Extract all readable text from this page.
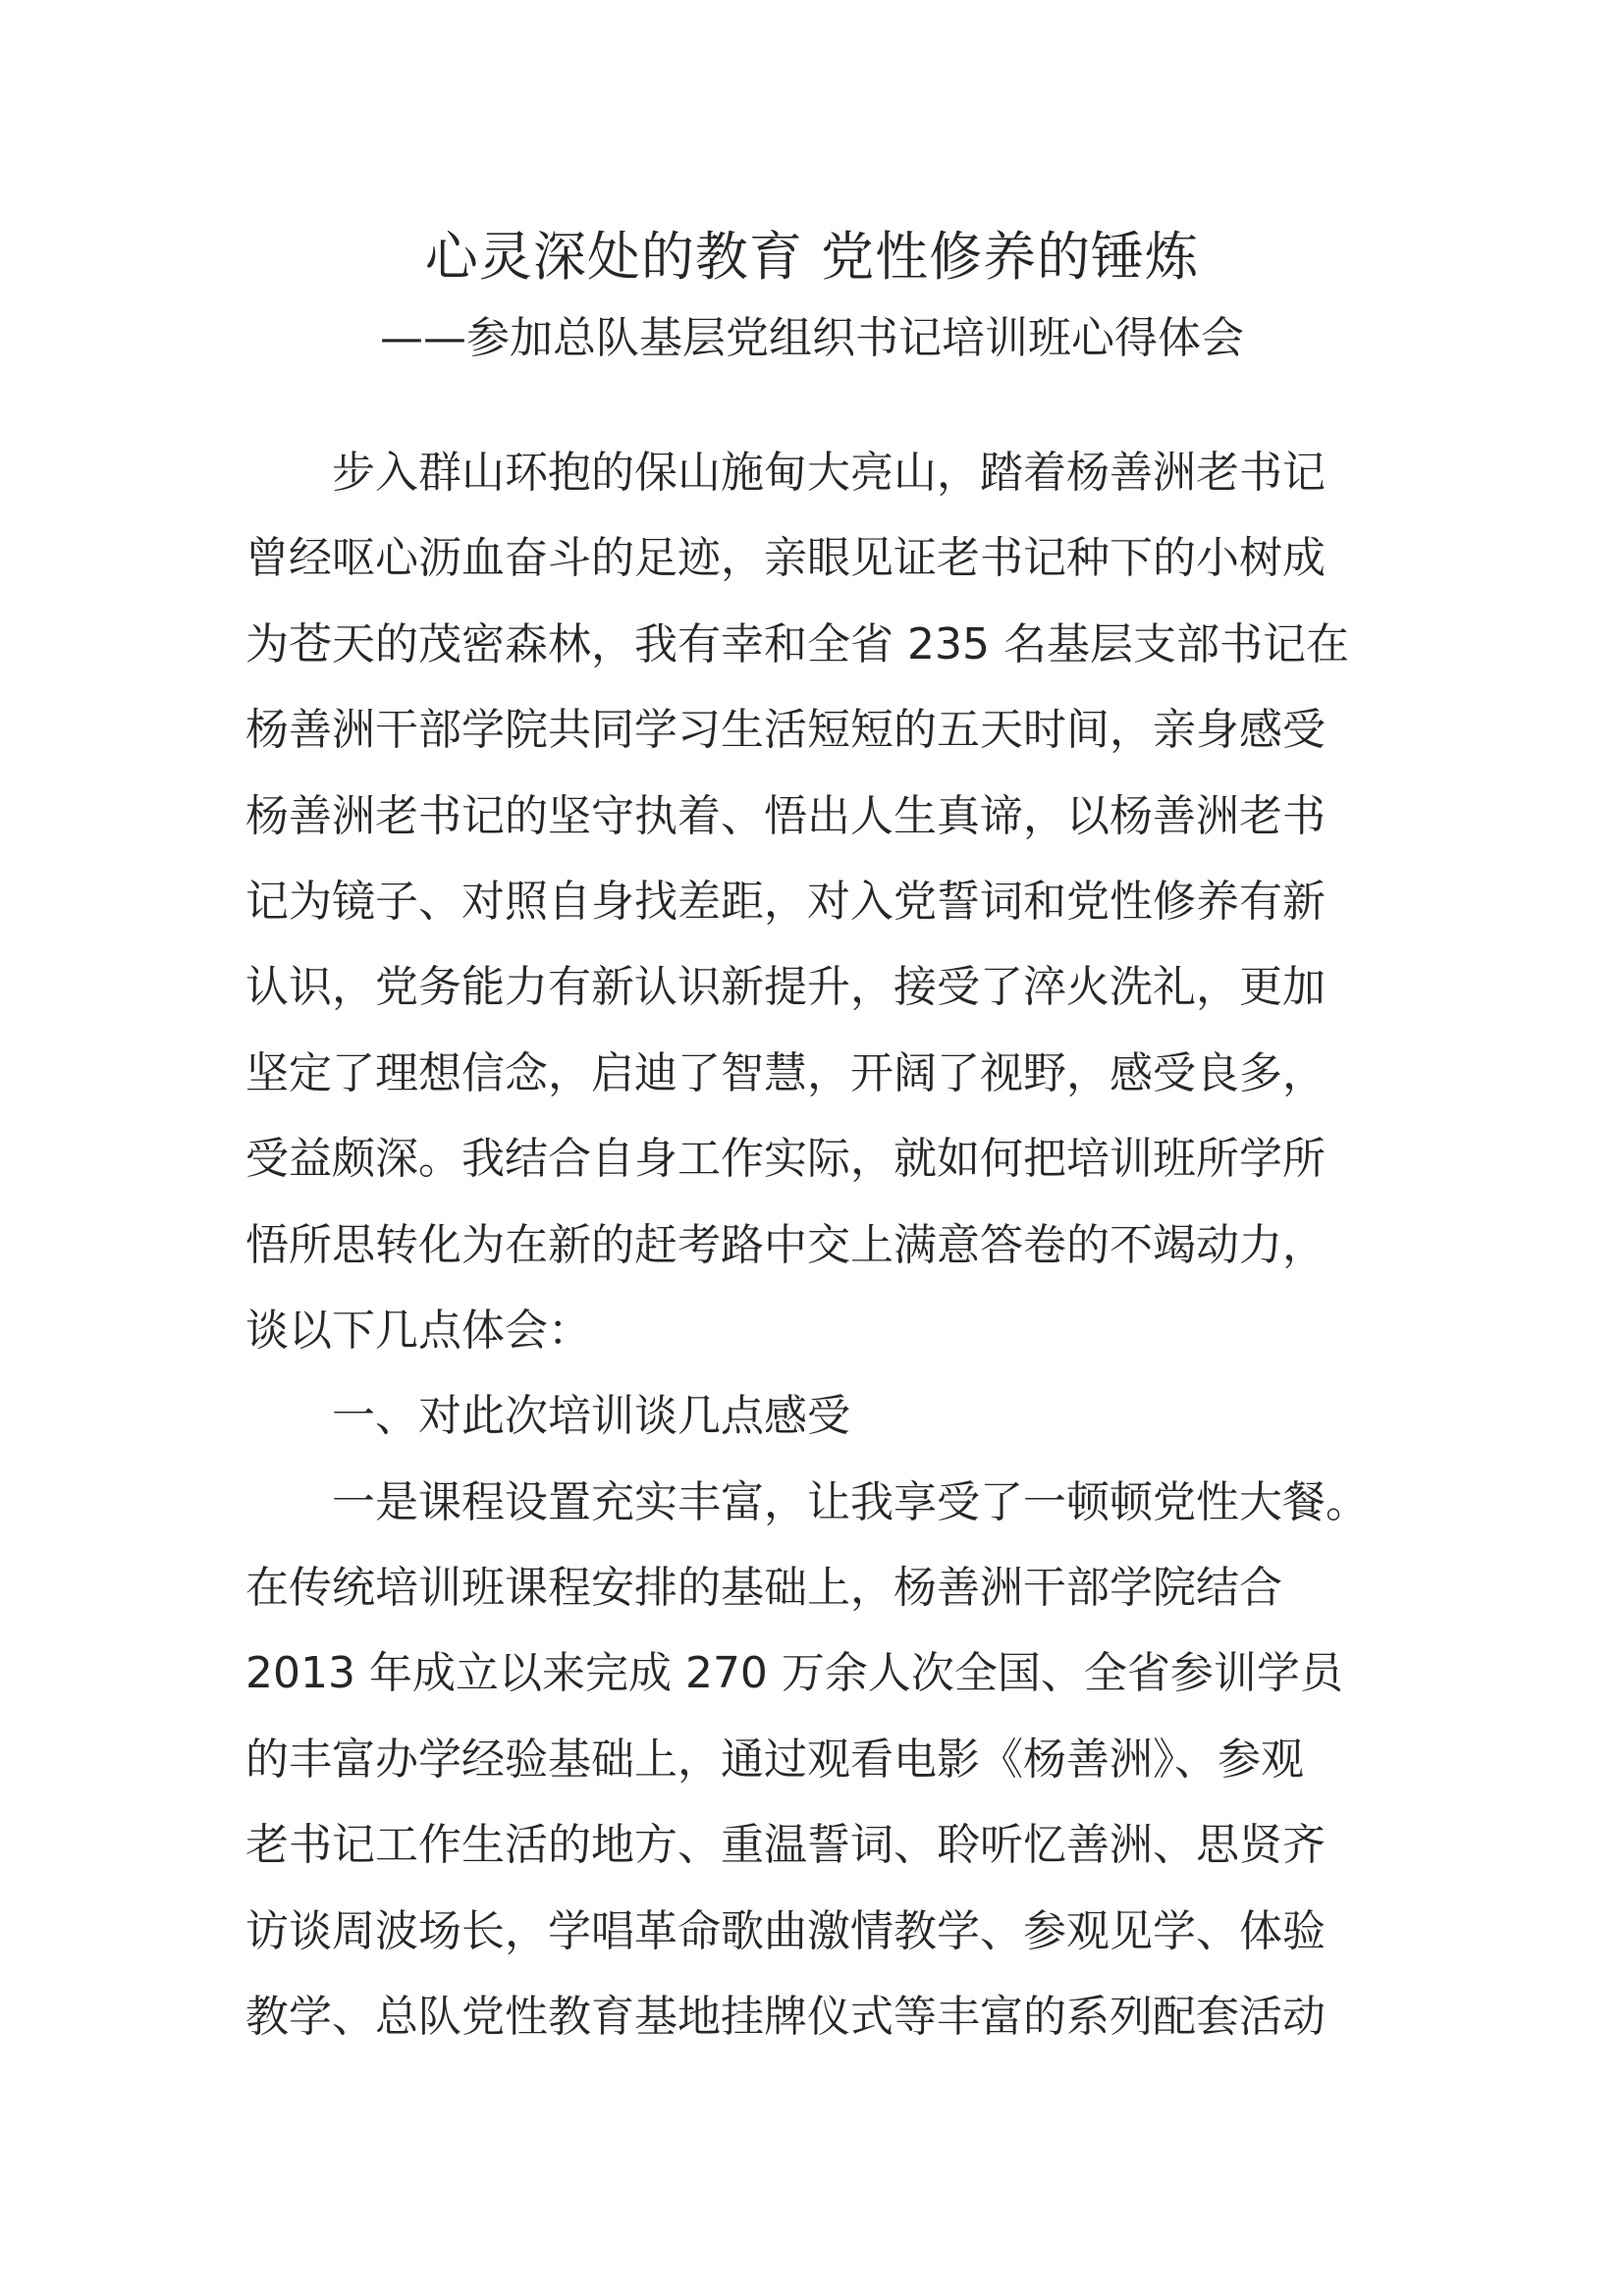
心灵深处的教育 党性修养的锤炼
——参加总队基层党组织书记培训班心得体会
步入群山环抱的保山施甸大亮山，踏着杨善洲老书记
曾经呕心沥血奋斗的足迹，亲眼见证老书记种下的小树成
为苍天的茂密森林，我有幸和全省 235 名基层支部书记在
杨善洲干部学院共同学习生活短短的五天时间，亲身感受
杨善洲老书记的坚守执着、悟出人生真谛，以杨善洲老书
记为镜子、对照自身找差距，对入党誓词和党性修养有新
认识，党务能力有新认识新提升，接受了淬火洗礼，更加
坚定了理想信念，启迪了智慧，开阔了视野，感受良多，
受益颇深。我结合自身工作实际，就如何把培训班所学所
悟所思转化为在新的赶考路中交上满意答卷的不竭动力，
谈以下几点体会：
一、对此次培训谈几点感受
一是课程设置充实丰富，让我享受了一顿顿党性大餐。
在传统培训班课程安排的基础上，杨善洲干部学院结合
2013 年成立以来完成 270 万余人次全国、全省参训学员
的丰富办学经验基础上，通过观看电影《杨善洲》、参观
老书记工作生活的地方、重温誓词、聆听忆善洲、思贤齐
访谈周波场长，学唱革命歌曲激情教学、参观见学、体验
教学、总队党性教育基地挂牌仪式等丰富的系列配套活动
